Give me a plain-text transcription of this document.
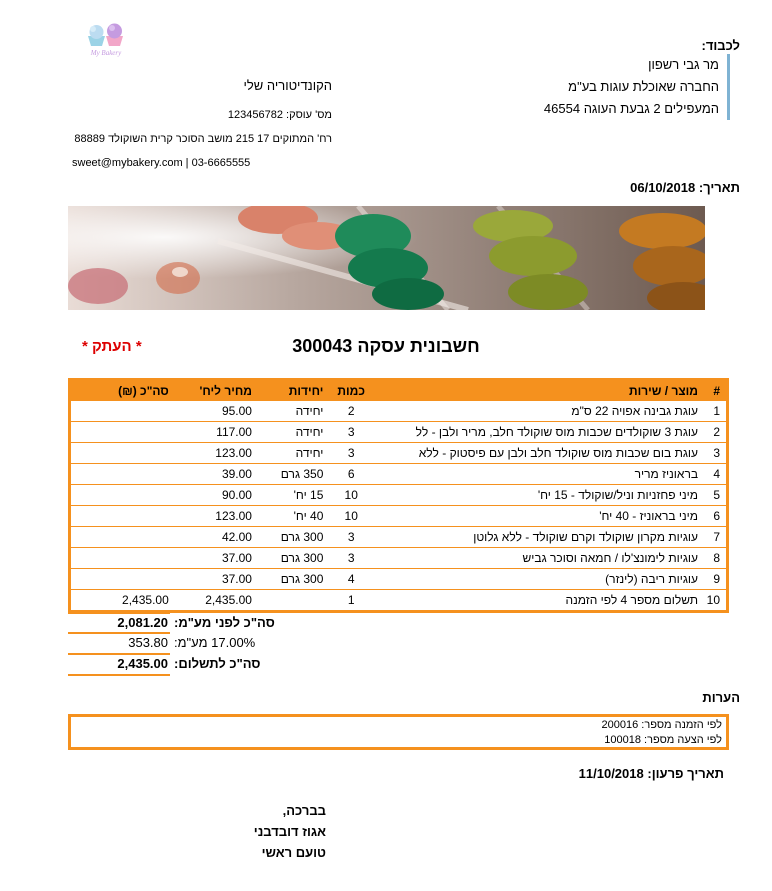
My Bakery	לכבוד:
מר גבי רשפון
החברה שאוכלת עוגות בע"מ
המעפילים 2 גבעת העוגה 46554
הקונדיטוריה שלי
מס' עוסק: 123456782
רח' המתוקים 17 215 מושב הסוכר קרית השוקולד 88889
sweet@mybakery.com | 03-6665555
תאריך: 06/10/2018
חשבונית עסקה 300043
* העתק *
#	מוצר / שירות	כמות	יחידות	מחיר ליח'	סה"כ (₪)
1	עוגת גבינה אפויה 22 ס"מ	2	יחידה	95.00	
2	עוגת 3 שוקולדים שכבות מוס שוקולד חלב, מריר ולבן - לל	3	יחידה	117.00	
3	עוגת בום שכבות מוס שוקולד חלב ולבן עם פיסטוק - ללא	3	יחידה	123.00	
4	בראוניז מריר	6	350 גרם	39.00	
5	מיני פחזניות וניל/שוקולד - 15 יח'	10	15 יח'	90.00	
6	מיני בראוניז - 40 יח'	10	40 יח'	123.00	
7	עוגיות מקרון שוקולד וקרם שוקולד - ללא גלוטן	3	300 גרם	42.00	
8	עוגיות לימונצ'לו / חמאה וסוכר גביש	3	300 גרם	37.00	
9	עוגיות ריבה (לינזר)	4	300 גרם	37.00	
10	תשלום מספר 4 לפי הזמנה	1		2,435.00	2,435.00
2,081.20 סה"כ לפני מע"מ:
353.80 17.00% מע"מ:
2,435.00 סה"כ לתשלום:
הערות
לפי הזמנה מספר: 200016
לפי הצעה מספר: 100018
תאריך פרעון: 11/10/2018
בברכה,
אגוז דובדבני
טועם ראשי
